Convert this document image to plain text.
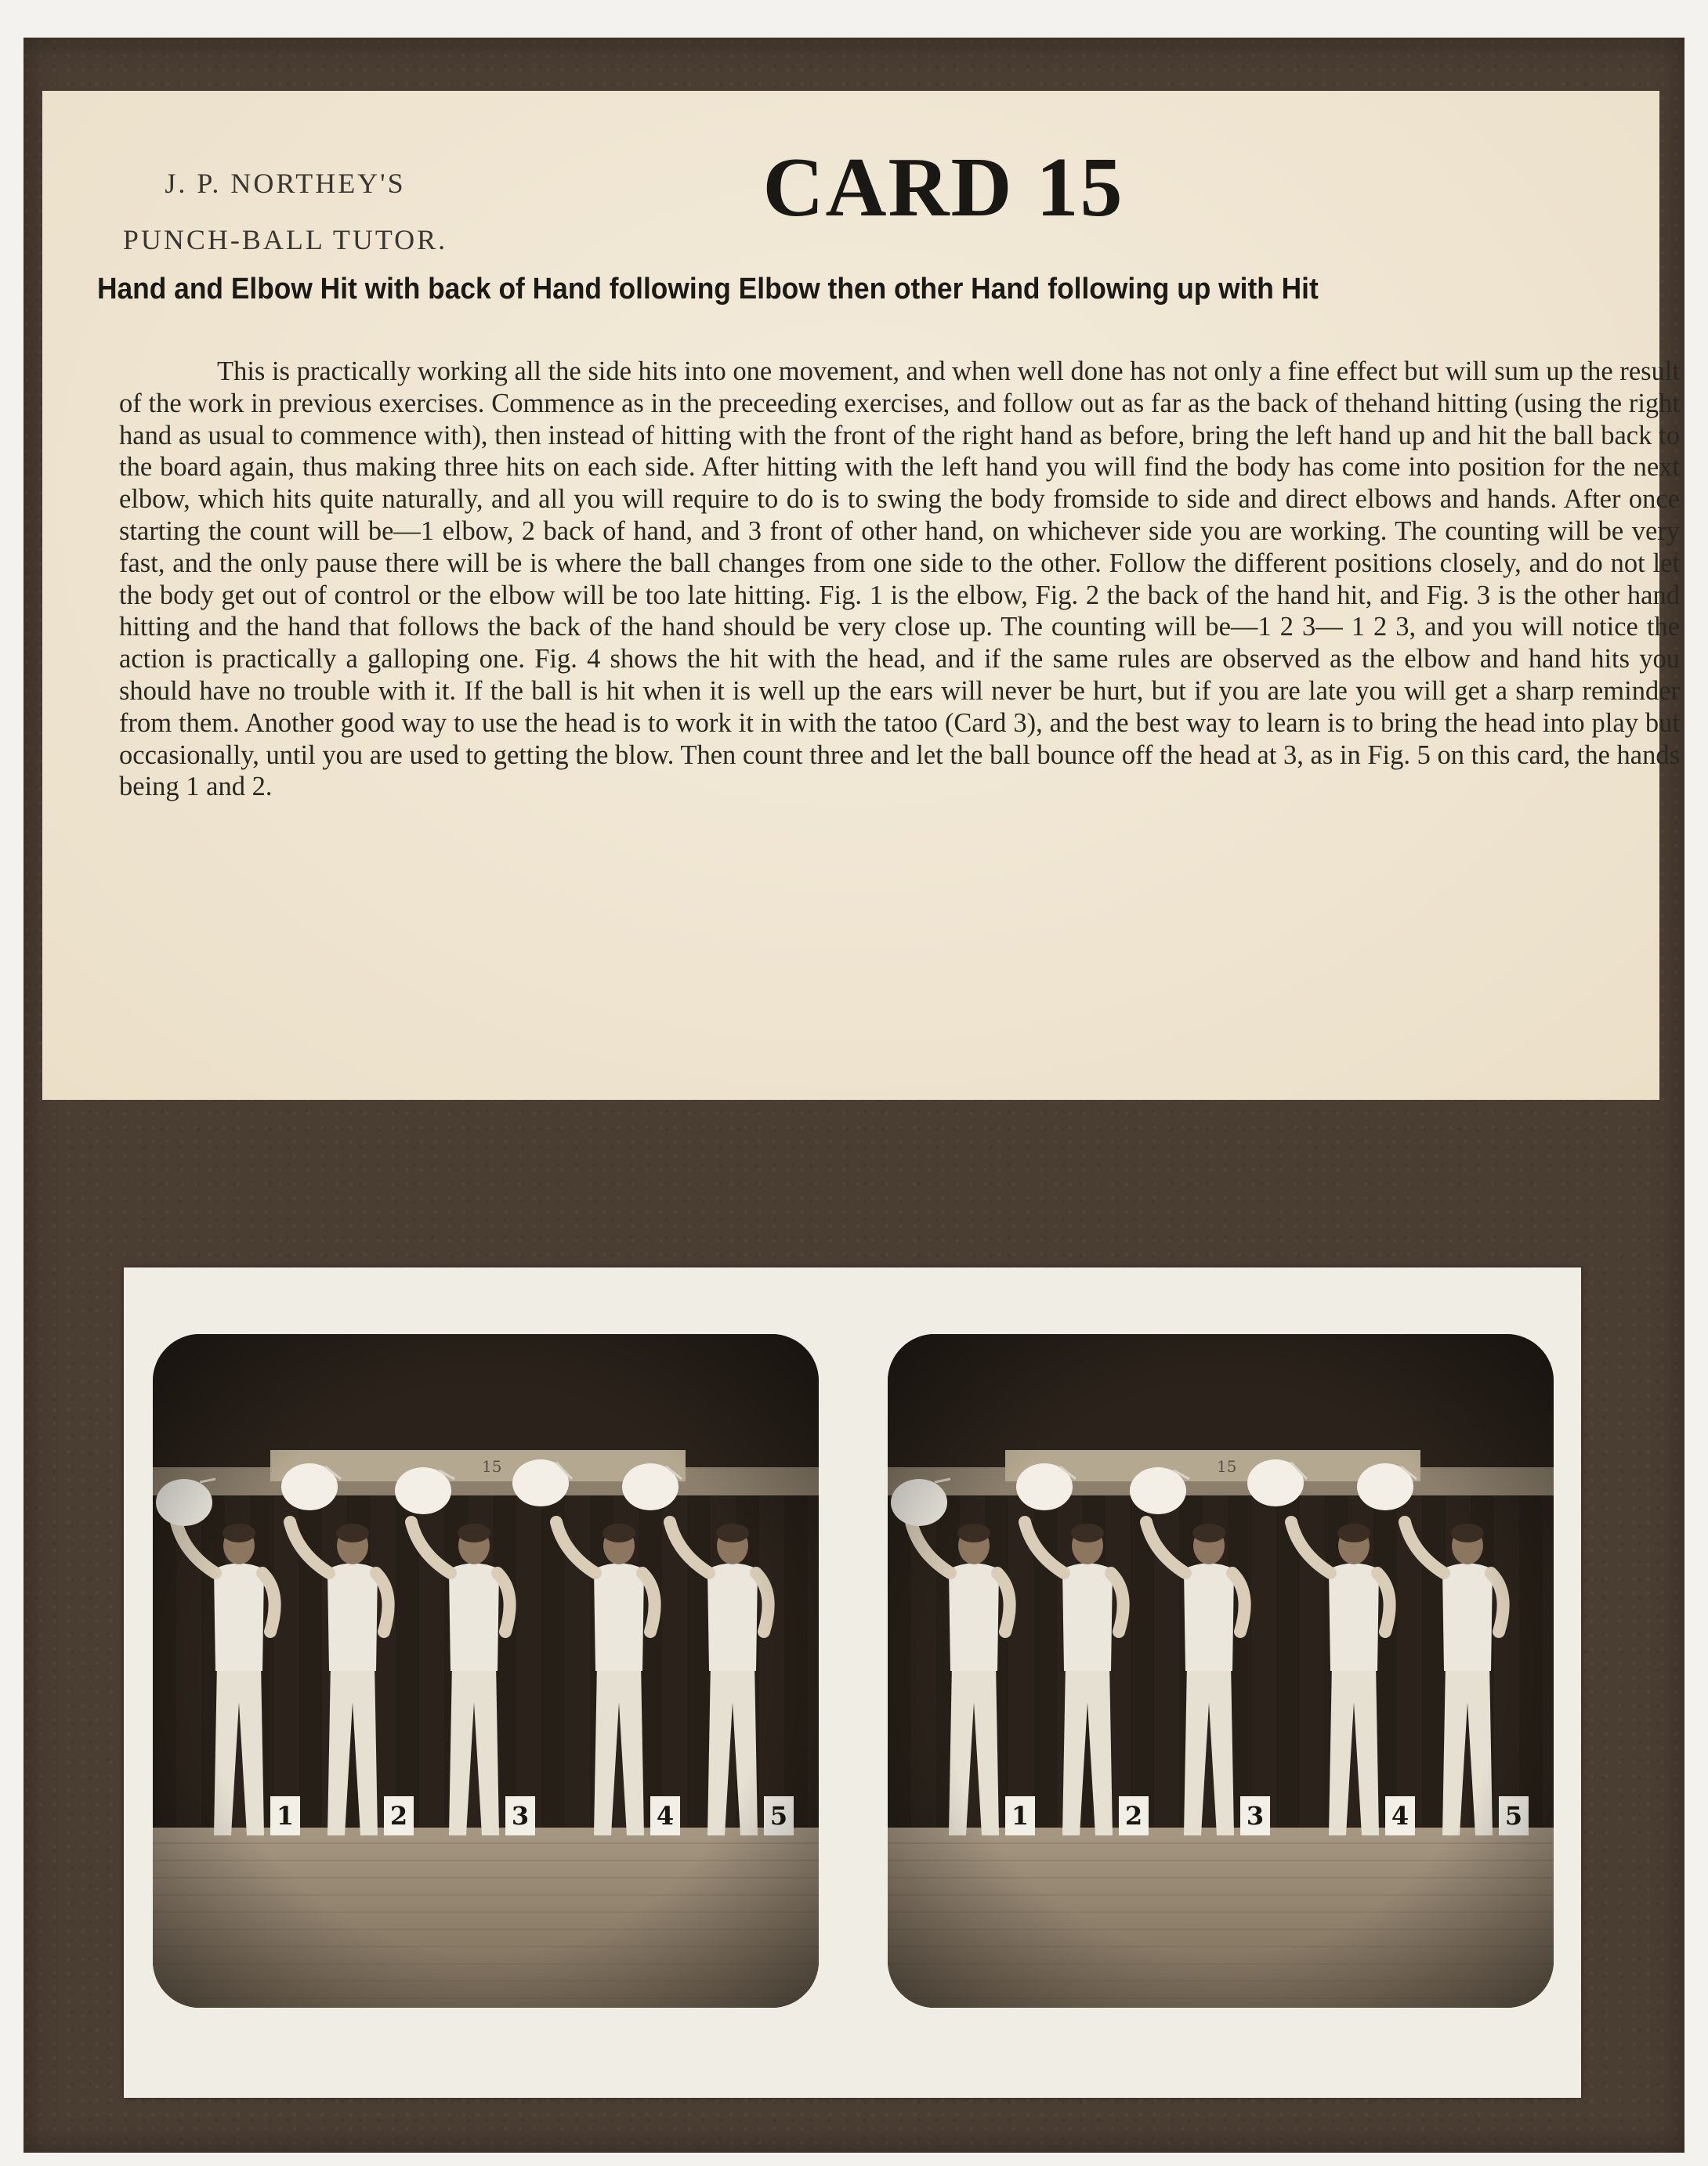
J. P. NORTHEY'S
PUNCH-BALL TUTOR.
CARD 15
Hand and Elbow Hit with back of Hand following Elbow then other Hand following up with Hit
This is practically working all the side hits into one movement, and when well done has not only a fine effect but will sum up the result of the work in previous exercises. Commence as in the preceeding exercises, and follow out as far as the back of thehand hitting (using the right hand as usual to commence with), then instead of hitting with the front of the right hand as before, bring the left hand up and hit the ball back to the board again, thus making three hits on each side. After hitting with the left hand you will find the body has come into position for the next elbow, which hits quite naturally, and all you will require to do is to swing the body fromside to side and direct elbows and hands. After once starting the count will be—1 elbow, 2 back of hand, and 3 front of other hand, on whichever side you are working. The counting will be very fast, and the only pause there will be is where the ball changes from one side to the other. Follow the different positions closely, and do not let the body get out of control or the elbow will be too late hitting. Fig. 1 is the elbow, Fig. 2 the back of the hand hit, and Fig. 3 is the other hand hitting and the hand that follows the back of the hand should be very close up. The counting will be—1 2 3— 1 2 3, and you will notice the action is practically a galloping one. Fig. 4 shows the hit with the head, and if the same rules are observed as the elbow and hand hits you should have no trouble with it. If the ball is hit when it is well up the ears will never be hurt, but if you are late you will get a sharp reminder from them. Another good way to use the head is to work it in with the tatoo (Card 3), and the best way to learn is to bring the head into play but occasionally, until you are used to getting the blow. Then count three and let the ball bounce off the head at 3, as in Fig. 5 on this card, the hands being 1 and 2.
